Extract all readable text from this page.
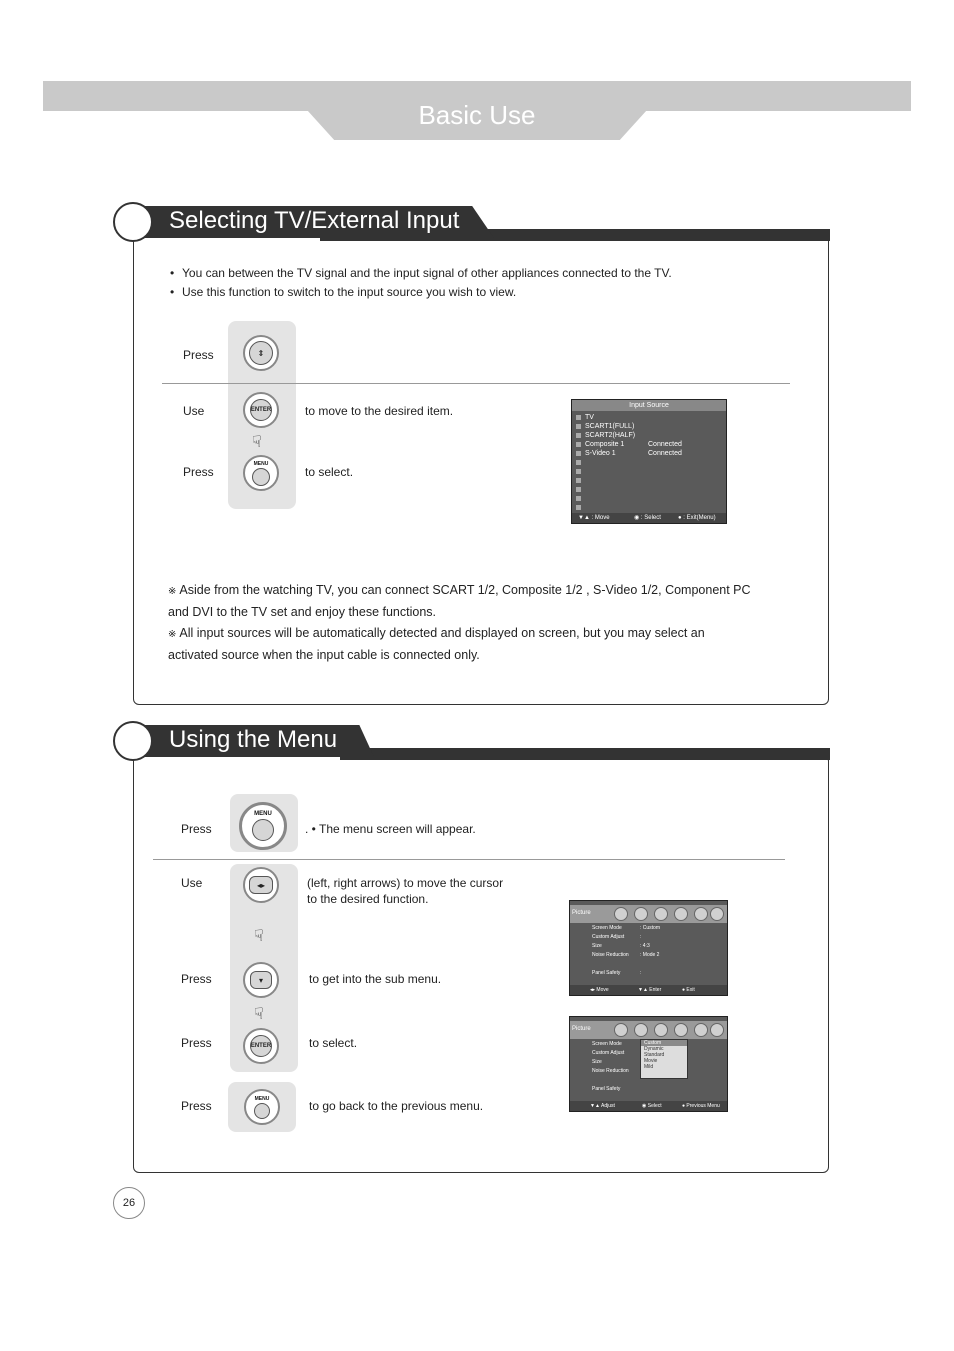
Basic Use
Selecting TV/External Input
• You can between the TV signal and the input signal of other appliances connected to the TV.
• Use this function to switch to the input source you wish to view.
Press	⇕
Use	ENTER	to move to the desired item.
☟
Press
MENU
to select.
Input Source
TV
SCART1(FULL)
SCART2(HALF)
Composite 1	Connected
S-Video 1	Connected
▼▲ : Move	◉ : Select	● : Exit(Menu)
※ Aside from the watching TV, you can connect SCART 1/2, Composite 1/2 , S-Video 1/2, Component PC and DVI to the TV set and enjoy these functions.
※ All input sources will be automatically detected and displayed on screen, but you may select an activated source when the input cable is connected only.
Using the Menu
Press
MENU
. • The menu screen will appear.
Use	◂▸	(left, right arrows) to move the cursor
to the desired function.
☟
Press	▾	to get into the sub menu.
☟
Press	ENTER	to select.
Press
MENU
to go back to the previous menu.
Picture
Screen Mode	: Custom
Custom Adjust	:
Size	: 4:3
Noise Reduction : Mode 2
Panel Safety	:
◂▸ Move	▼▲ Enter	● Exit
Picture
Screen Mode
Custom Adjust
Size
Noise Reduction
Panel Safety
Custom
Dynamic
Standard
Movie
Mild
▼▲ Adjust	◉ Select	● Previous Menu
26
